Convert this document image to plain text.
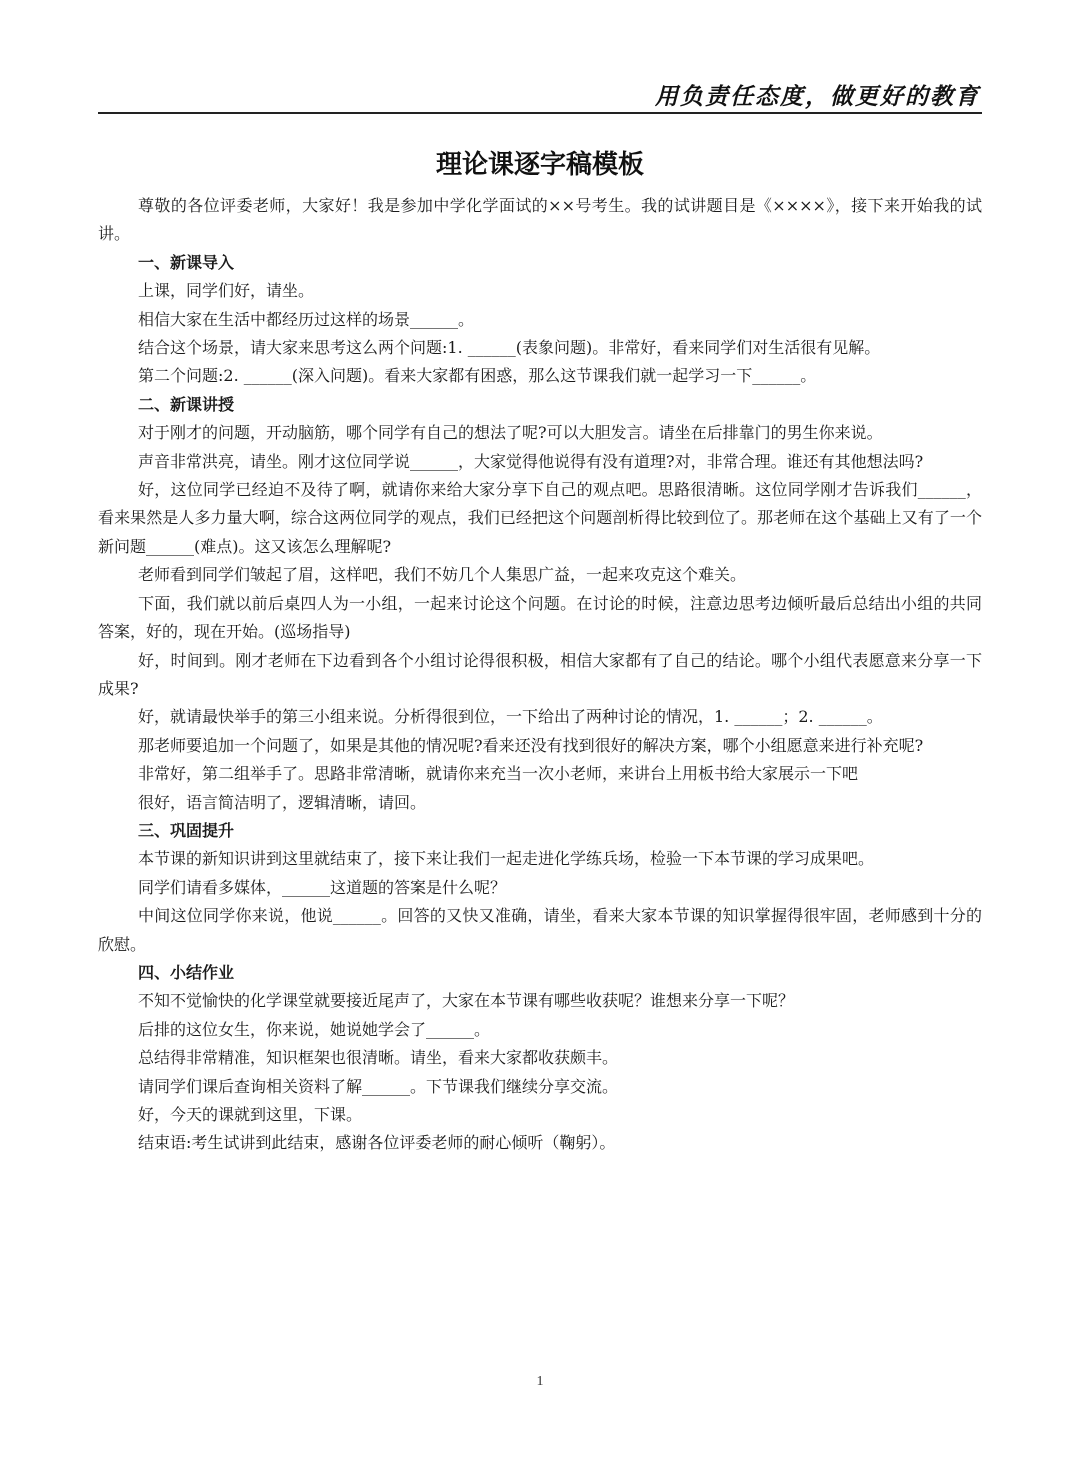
用负责任态度，做更好的教育
理论课逐字稿模板
尊敬的各位评委老师，大家好！我是参加中学化学面试的××号考生。我的试讲题目是《××××》，接下来开始我的试讲。
一、新课导入
上课，同学们好，请坐。
相信大家在生活中都经历过这样的场景______。
结合这个场景，请大家来思考这么两个问题:1. ______(表象问题)。非常好，看来同学们对生活很有见解。
第二个问题:2. ______(深入问题)。看来大家都有困惑，那么这节课我们就一起学习一下______。
二、新课讲授
对于刚才的问题，开动脑筋，哪个同学有自己的想法了呢?可以大胆发言。请坐在后排靠门的男生你来说。
声音非常洪亮，请坐。刚才这位同学说______，大家觉得他说得有没有道理?对，非常合理。谁还有其他想法吗?
好，这位同学已经迫不及待了啊，就请你来给大家分享下自己的观点吧。思路很清晰。这位同学刚才告诉我们______，看来果然是人多力量大啊，综合这两位同学的观点，我们已经把这个问题剖析得比较到位了。那老师在这个基础上又有了一个新问题______(难点)。这又该怎么理解呢?
老师看到同学们皱起了眉，这样吧，我们不妨几个人集思广益，一起来攻克这个难关。
下面，我们就以前后桌四人为一小组，一起来讨论这个问题。在讨论的时候，注意边思考边倾听最后总结出小组的共同答案，好的，现在开始。(巡场指导)
好，时间到。刚才老师在下边看到各个小组讨论得很积极，相信大家都有了自己的结论。哪个小组代表愿意来分享一下成果?
好，就请最快举手的第三小组来说。分析得很到位，一下给出了两种讨论的情况，1. ______；2. ______。
那老师要追加一个问题了，如果是其他的情况呢?看来还没有找到很好的解决方案，哪个小组愿意来进行补充呢?
非常好，第二组举手了。思路非常清晰，就请你来充当一次小老师，来讲台上用板书给大家展示一下吧
很好，语言简洁明了，逻辑清晰，请回。
三、巩固提升
本节课的新知识讲到这里就结束了，接下来让我们一起走进化学练兵场，检验一下本节课的学习成果吧。
同学们请看多媒体，______这道题的答案是什么呢？
中间这位同学你来说，他说______。回答的又快又准确，请坐，看来大家本节课的知识掌握得很牢固，老师感到十分的欣慰。
四、小结作业
不知不觉愉快的化学课堂就要接近尾声了，大家在本节课有哪些收获呢？谁想来分享一下呢？
后排的这位女生，你来说，她说她学会了______。
总结得非常精准，知识框架也很清晰。请坐，看来大家都收获颇丰。
请同学们课后查询相关资料了解______。下节课我们继续分享交流。
好，今天的课就到这里，下课。
结束语:考生试讲到此结束，感谢各位评委老师的耐心倾听（鞠躬）。
1
